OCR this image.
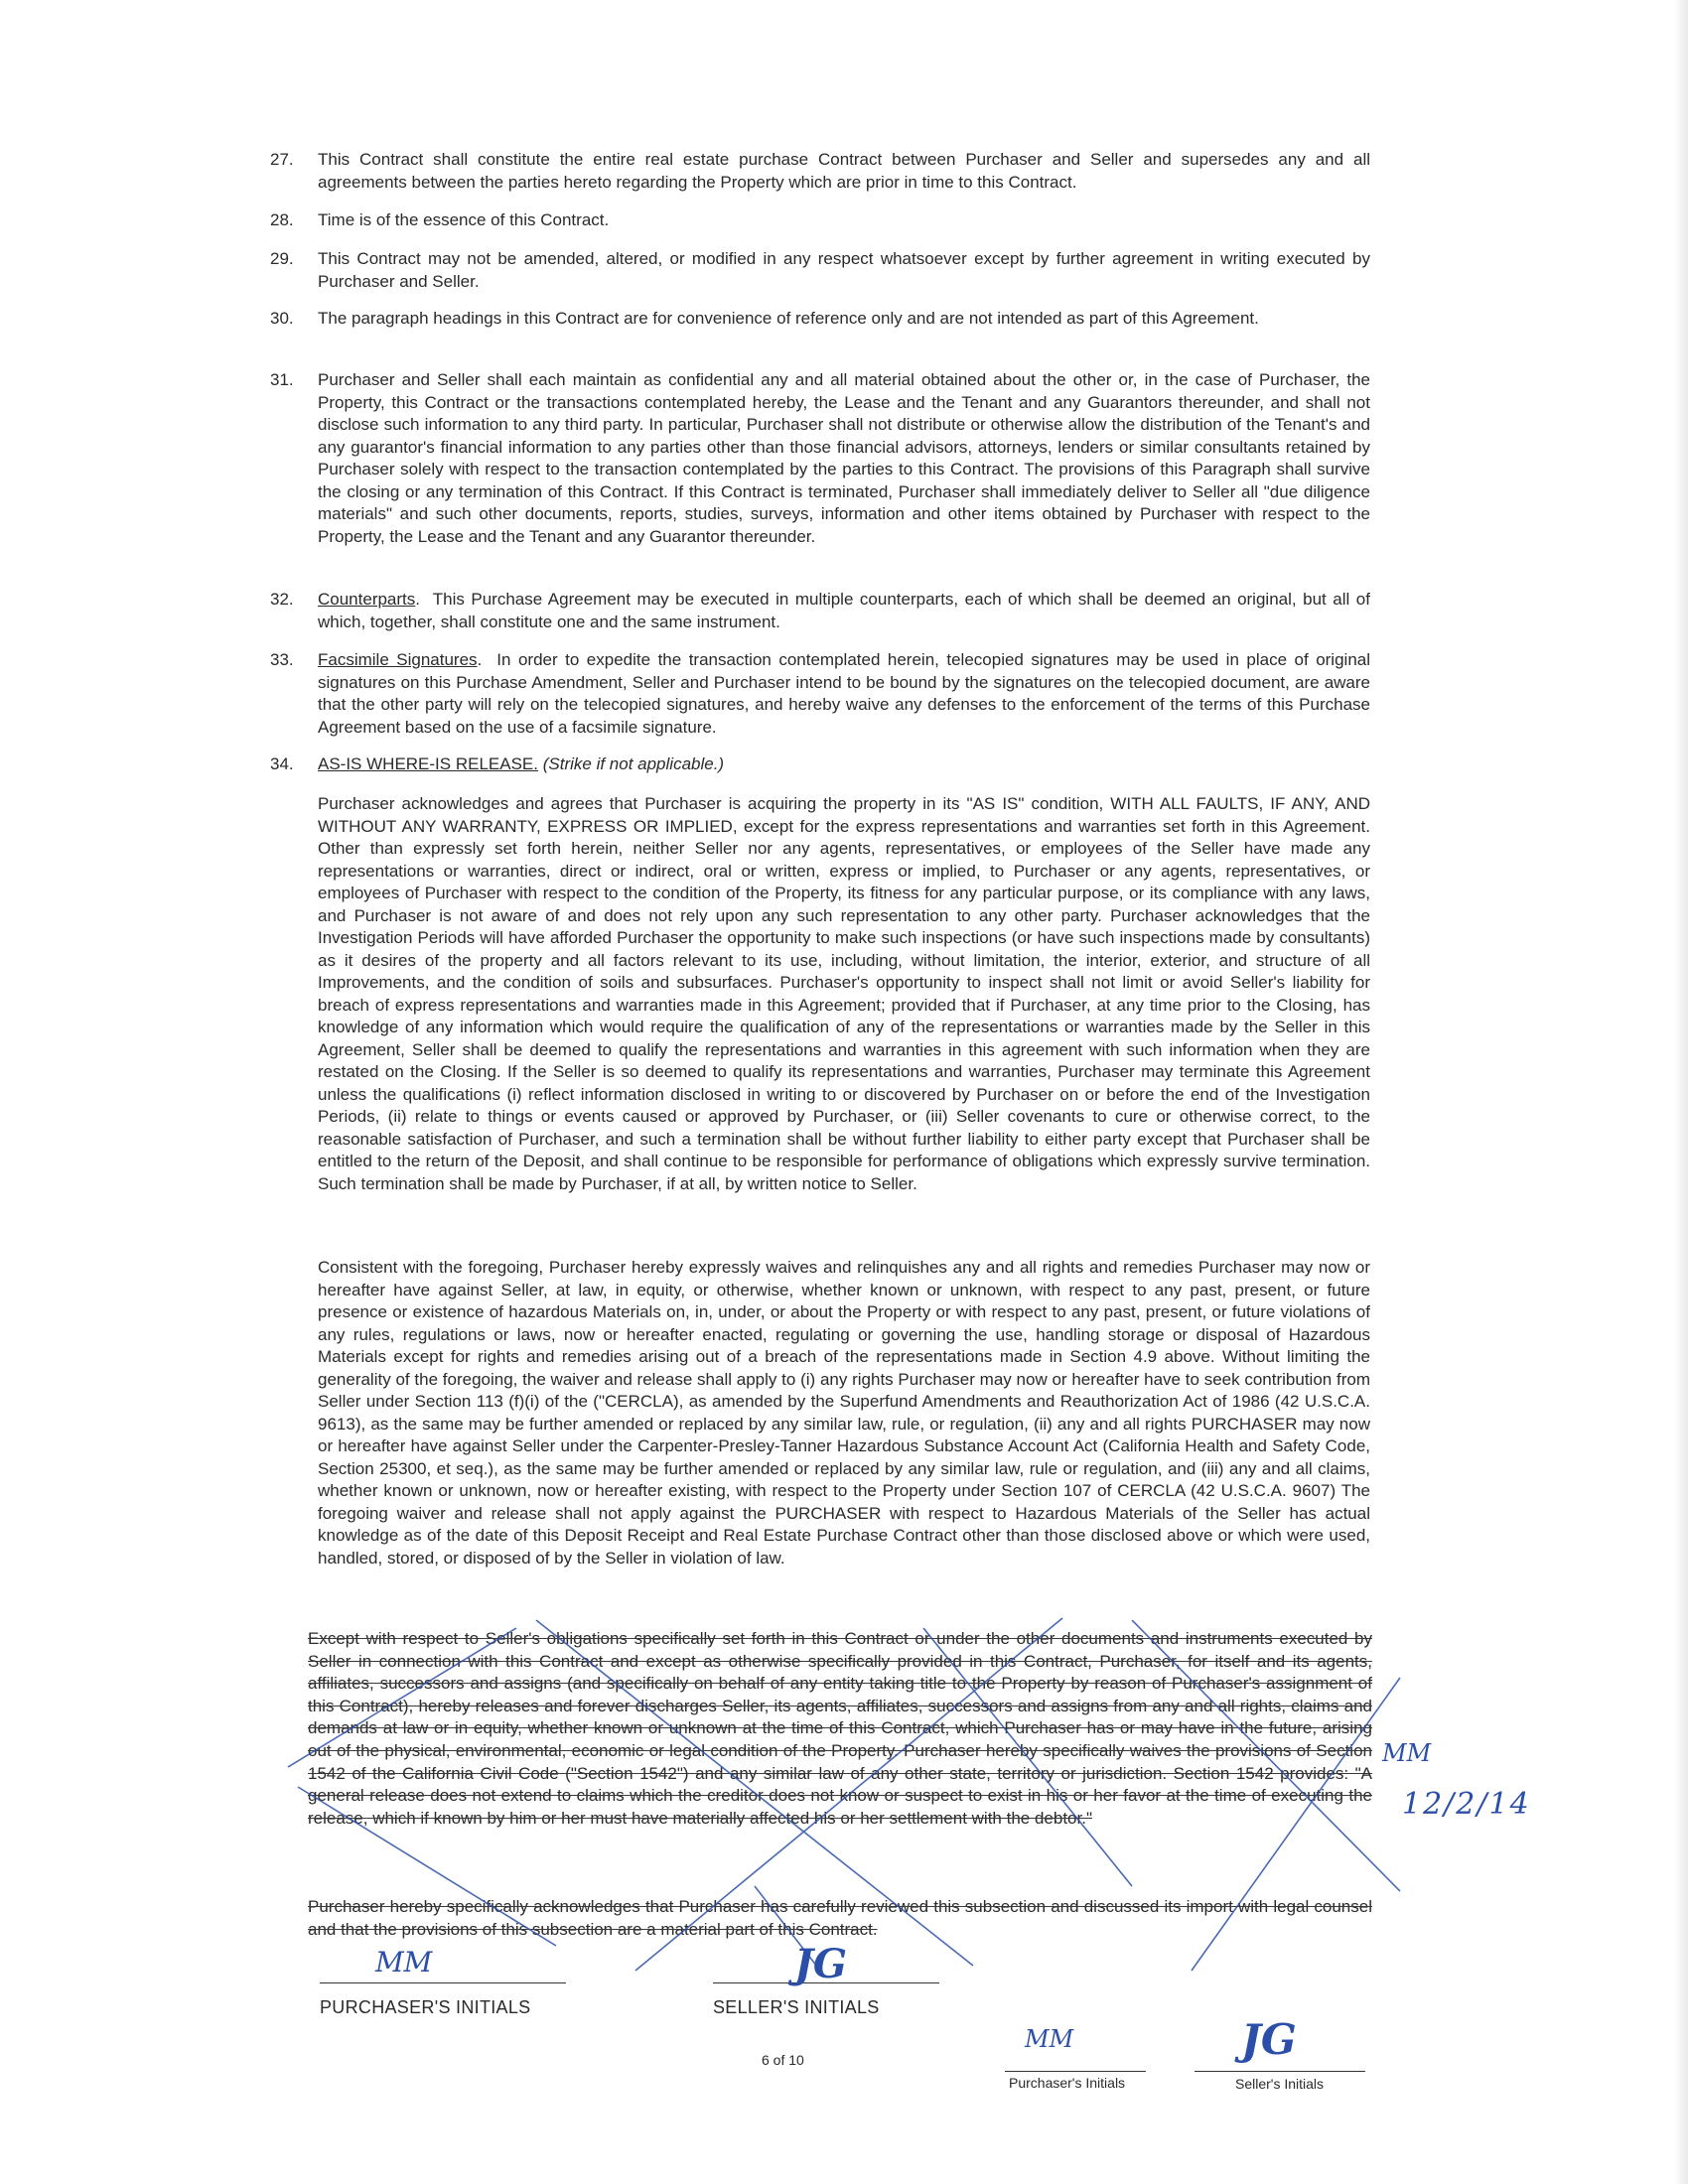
27.	This Contract shall constitute the entire real estate purchase Contract between Purchaser and Seller and supersedes any and all agreements between the parties hereto regarding the Property which are prior in time to this Contract.

28.	Time is of the essence of this Contract.

29.	This Contract may not be amended, altered, or modified in any respect whatsoever except by further agreement in writing executed by Purchaser and Seller.

30.	The paragraph headings in this Contract are for convenience of reference only and are not intended as part of this Agreement.

31.	Purchaser and Seller shall each maintain as confidential any and all material obtained about the other or, in the case of Purchaser, the Property, this Contract or the transactions contemplated hereby, the Lease and the Tenant and any Guarantors thereunder, and shall not disclose such information to any third party. In particular, Purchaser shall not distribute or otherwise allow the distribution of the Tenant's and any guarantor's financial information to any parties other than those financial advisors, attorneys, lenders or similar consultants retained by Purchaser solely with respect to the transaction contemplated by the parties to this Contract. The provisions of this Paragraph shall survive the closing or any termination of this Contract. If this Contract is terminated, Purchaser shall immediately deliver to Seller all "due diligence materials" and such other documents, reports, studies, surveys, information and other items obtained by Purchaser with respect to the Property, the Lease and the Tenant and any Guarantor thereunder.

32.	Counterparts.  This Purchase Agreement may be executed in multiple counterparts, each of which shall be deemed an original, but all of which, together, shall constitute one and the same instrument.

33.	Facsimile Signatures.  In order to expedite the transaction contemplated herein, telecopied signatures may be used in place of original signatures on this Purchase Amendment, Seller and Purchaser intend to be bound by the signatures on the telecopied document, are aware that the other party will rely on the telecopied signatures, and hereby waive any defenses to the enforcement of the terms of this Purchase Agreement based on the use of a facsimile signature.

34.	AS-IS WHERE-IS RELEASE. (Strike if not applicable.)

Purchaser acknowledges and agrees that Purchaser is acquiring the property in its "AS IS" condition, WITH ALL FAULTS, IF ANY, AND WITHOUT ANY WARRANTY, EXPRESS OR IMPLIED, except for the express representations and warranties set forth in this Agreement. Other than expressly set forth herein, neither Seller nor any agents, representatives, or employees of the Seller have made any representations or warranties, direct or indirect, oral or written, express or implied, to Purchaser or any agents, representatives, or employees of Purchaser with respect to the condition of the Property, its fitness for any particular purpose, or its compliance with any laws, and Purchaser is not aware of and does not rely upon any such representation to any other party. Purchaser acknowledges that the Investigation Periods will have afforded Purchaser the opportunity to make such inspections (or have such inspections made by consultants) as it desires of the property and all factors relevant to its use, including, without limitation, the interior, exterior, and structure of all Improvements, and the condition of soils and subsurfaces. Purchaser's opportunity to inspect shall not limit or avoid Seller's liability for breach of express representations and warranties made in this Agreement; provided that if Purchaser, at any time prior to the Closing, has knowledge of any information which would require the qualification of any of the representations or warranties made by the Seller in this Agreement, Seller shall be deemed to qualify the representations and warranties in this agreement with such information when they are restated on the Closing. If the Seller is so deemed to qualify its representations and warranties, Purchaser may terminate this Agreement unless the qualifications (i) reflect information disclosed in writing to or discovered by Purchaser on or before the end of the Investigation Periods, (ii) relate to things or events caused or approved by Purchaser, or (iii) Seller covenants to cure or otherwise correct, to the reasonable satisfaction of Purchaser, and such a termination shall be without further liability to either party except that Purchaser shall be entitled to the return of the Deposit, and shall continue to be responsible for performance of obligations which expressly survive termination. Such termination shall be made by Purchaser, if at all, by written notice to Seller.
Consistent with the foregoing, Purchaser hereby expressly waives and relinquishes any and all rights and remedies Purchaser may now or hereafter have against Seller, at law, in equity, or otherwise, whether known or unknown, with respect to any past, present, or future presence or existence of hazardous Materials on, in, under, or about the Property or with respect to any past, present, or future violations of any rules, regulations or laws, now or hereafter enacted, regulating or governing the use, handling storage or disposal of Hazardous Materials except for rights and remedies arising out of a breach of the representations made in Section 4.9 above. Without limiting the generality of the foregoing, the waiver and release shall apply to (i) any rights Purchaser may now or hereafter have to seek contribution from Seller under Section 113 (f)(i) of the ("CERCLA), as amended by the Superfund Amendments and Reauthorization Act of 1986 (42 U.S.C.A. 9613), as the same may be further amended or replaced by any similar law, rule, or regulation, (ii) any and all rights PURCHASER may now or hereafter have against Seller under the Carpenter-Presley-Tanner Hazardous Substance Account Act (California Health and Safety Code, Section 25300, et seq.), as the same may be further amended or replaced by any similar law, rule or regulation, and (iii) any and all claims, whether known or unknown, now or hereafter existing, with respect to the Property under Section 107 of CERCLA (42 U.S.C.A. 9607) The foregoing waiver and release shall not apply against the PURCHASER with respect to Hazardous Materials of the Seller has actual knowledge as of the date of this Deposit Receipt and Real Estate Purchase Contract other than those disclosed above or which were used, handled, stored, or disposed of by the Seller in violation of law.
Except with respect to Seller's obligations specifically set forth in this Contract or under the other documents and instruments executed by Seller in connection with this Contract and except as otherwise specifically provided in this Contract, Purchaser, for itself and its agents, affiliates, successors and assigns (and specifically on behalf of any entity taking title to the Property by reason of Purchaser's assignment of this Contract), hereby releases and forever discharges Seller, its agents, affiliates, successors and assigns from any and all rights, claims and demands at law or in equity, whether known or unknown at the time of this Contract, which Purchaser has or may have in the future, arising out of the physical, environmental, economic or legal condition of the Property. Purchaser hereby specifically waives the provisions of Section 1542 of the California Civil Code ("Section 1542") and any similar law of any other state, territory or jurisdiction. Section 1542 provides: "A general release does not extend to claims which the creditor does not know or suspect to exist in his or her favor at the time of executing the release, which if known by him or her must have materially affected his or her settlement with the debtor."
Purchaser hereby specifically acknowledges that Purchaser has carefully reviewed this subsection and discussed its import with legal counsel and that the provisions of this subsection are a material part of this Contract.
MM
12/2/14
MM	JG
PURCHASER'S INITIALS	SELLER'S INITIALS
6 of 10
MM	JG
Purchaser's Initials	Seller's Initials
